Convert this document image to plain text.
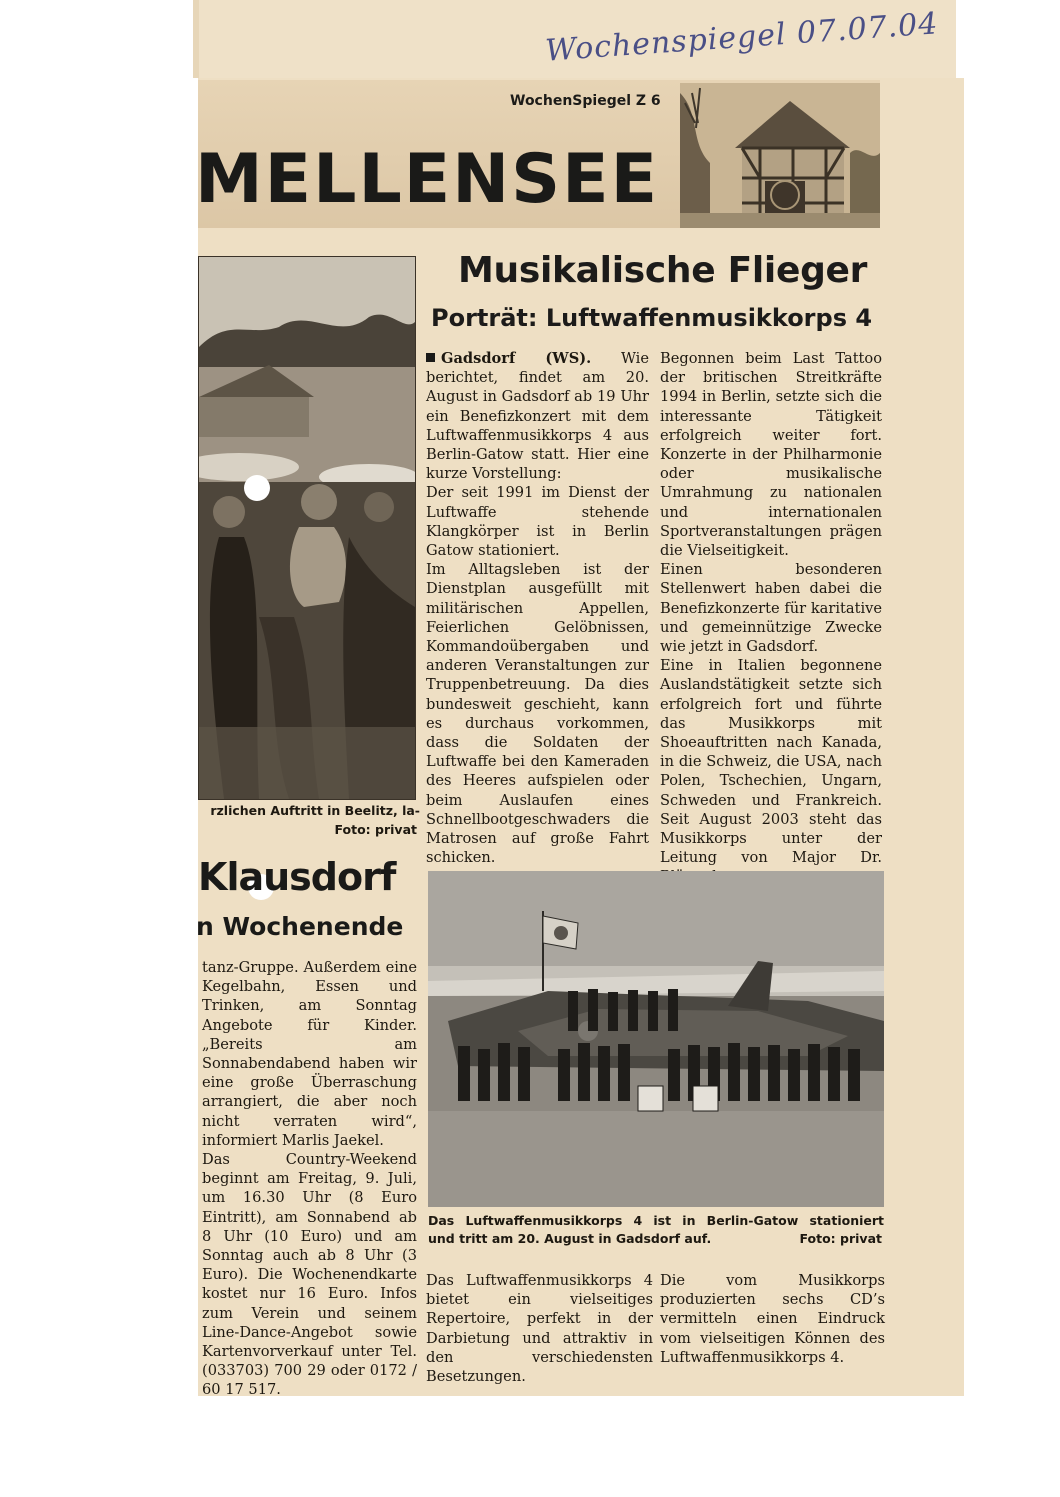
Wochenspiegel 07.07.04
WochenSpiegel Z 6
MELLENSEE
rzlichen Auftritt in Beelitz, la-
Foto: privat
Klausdorf
n Wochenende

tanz-Gruppe. Außerdem eine Kegelbahn, Essen und Trinken, am Sonntag Angebote für Kinder. „Bereits am Sonnabendabend haben wir eine große Überraschung arrangiert, die aber noch nicht verraten wird“, informiert Marlis Jaekel.

Das Country-Weekend beginnt am Freitag, 9. Juli, um 16.30 Uhr (8 Euro Eintritt), am Sonnabend ab 8 Uhr (10 Euro) und am Sonntag auch ab 8 Uhr (3 Euro). Die Wochenendkarte kostet nur 16 Euro. Infos zum Verein und seinem Line-Dance-Angebot sowie Kartenvorverkauf unter Tel. (033703) 700 29 oder 0172 / 60 17 517.

Musikalische Flieger
Porträt: Luftwaffenmusikkorps 4

Gadsdorf (WS). Wie berichtet, findet am 20. August in Gadsdorf ab 19 Uhr ein Benefizkonzert mit dem Luftwaffenmusikkorps 4 aus Berlin-Gatow statt. Hier eine kurze Vorstellung:

Der seit 1991 im Dienst der Luftwaffe stehende Klangkörper ist in Berlin Gatow stationiert.

Im Alltagsleben ist der Dienstplan ausgefüllt mit militärischen Appellen, Feierlichen Gelöbnissen, Kommandoübergaben und anderen Veranstaltungen zur Truppenbetreuung. Da dies bundesweit geschieht, kann es durchaus vorkommen, dass die Soldaten der Luftwaffe bei den Kameraden des Heeres aufspielen oder beim Auslaufen eines Schnellbootgeschwaders die Matrosen auf große Fahrt schicken.

Begonnen beim Last Tattoo der britischen Streitkräfte 1994 in Berlin, setzte sich die interessante Tätigkeit erfolgreich weiter fort. Konzerte in der Philharmonie oder musikalische Umrahmung zu nationalen und internationalen Sportveranstaltungen prägen die Vielseitigkeit.

Einen besonderen Stellenwert haben dabei die Benefizkonzerte für karitative und gemeinnützige Zwecke wie jetzt in Gadsdorf.

Eine in Italien begonnene Auslandstätigkeit setzte sich erfolgreich fort und führte das Musikkorps mit Shoeauftritten nach Kanada, in die Schweiz, die USA, nach Polen, Tschechien, Ungarn, Schweden und Frankreich. Seit August 2003 steht das Musikkorps unter der Leitung von Major Dr.

Das Luftwaffenmusikkorps 4 ist in Berlin-Gatow stationiert
und tritt am 20. August in Gadsdorf auf.	Foto: privat

Das Luftwaffenmusikkorps 4 bietet ein vielseitiges Repertoire, perfekt in der Darbietung und attraktiv in den verschiedensten Besetzungen.

Die vom Musikkorps produzierten sechs CD’s vermitteln einen Eindruck vom vielseitigen Können des Luftwaffenmusikkorps 4.
